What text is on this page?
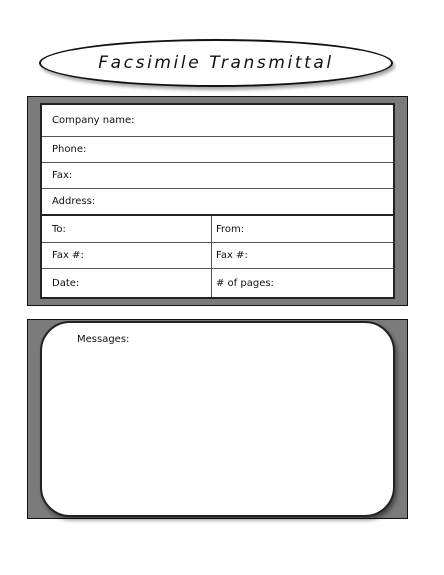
Facsimile Transmittal
Company name:
Phone:
Fax:
Address:
To:	From:
Fax #:	Fax #:
Date:	# of pages:
Messages:
